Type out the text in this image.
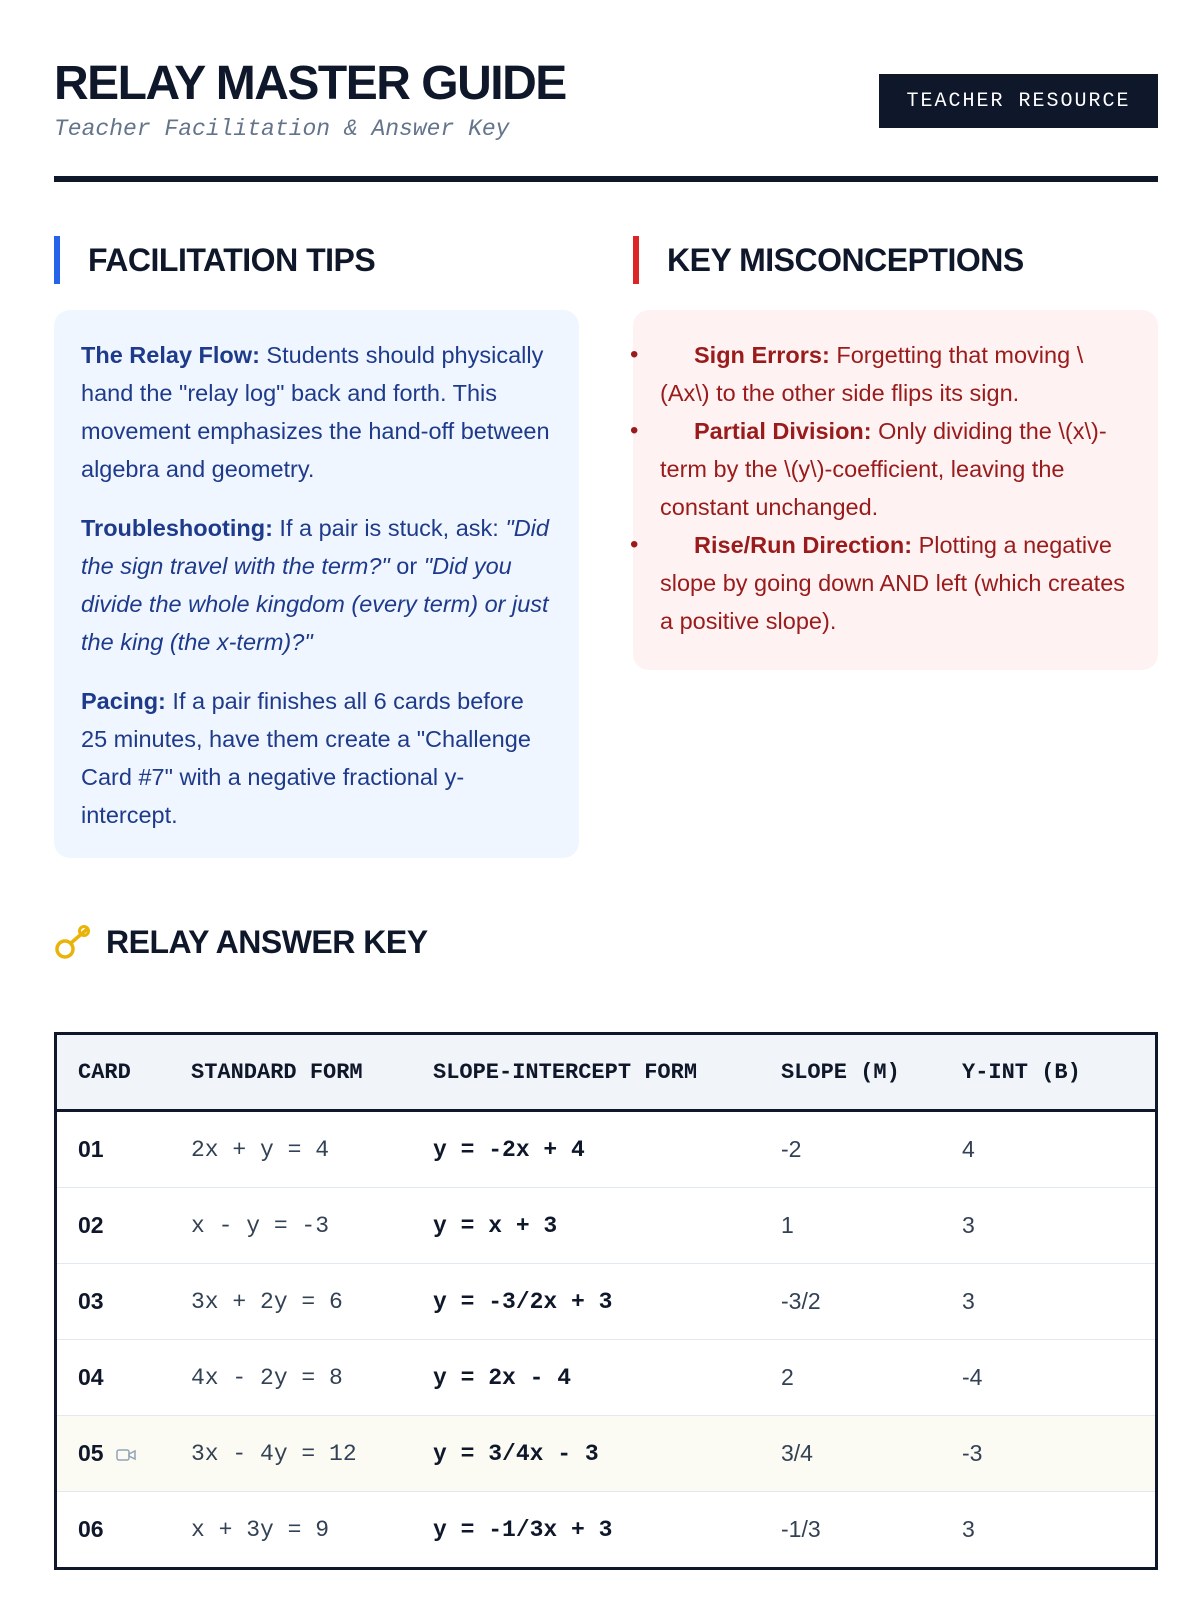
RELAY MASTER GUIDE
Teacher Facilitation & Answer Key
TEACHER RESOURCE
FACILITATION TIPS

The Relay Flow: Students should physically hand the "relay log" back and forth. This movement emphasizes the hand-off between algebra and geometry.

Troubleshooting: If a pair is stuck, ask: "Did the sign travel with the term?" or "Did you divide the whole kingdom (every term) or just the king (the x-term)?"

Pacing: If a pair finishes all 6 cards before 25 minutes, have them create a "Challenge Card #7" with a negative fractional y-intercept.

KEY MISCONCEPTIONS
• Sign Errors: Forgetting that moving \(Ax\) to the other side flips its sign.
• Partial Division: Only dividing the \(x\)-term by the \(y\)-coefficient, leaving the constant unchanged.
• Rise/Run Direction: Plotting a negative slope by going down AND left (which creates a positive slope).
RELAY ANSWER KEY
CARD	STANDARD FORM	SLOPE-INTERCEPT FORM	SLOPE (M)	Y-INT (B)
01	2x + y = 4	y = -2x + 4	-2	4
02	x - y = -3	y = x + 3	1	3
03	3x + 2y = 6	y = -3/2x + 3	-3/2	3
04	4x - 2y = 8	y = 2x - 4	2	-4
05	3x - 4y = 12	y = 3/4x - 3	3/4	-3
06	x + 3y = 9	y = -1/3x + 3	-1/3	3
